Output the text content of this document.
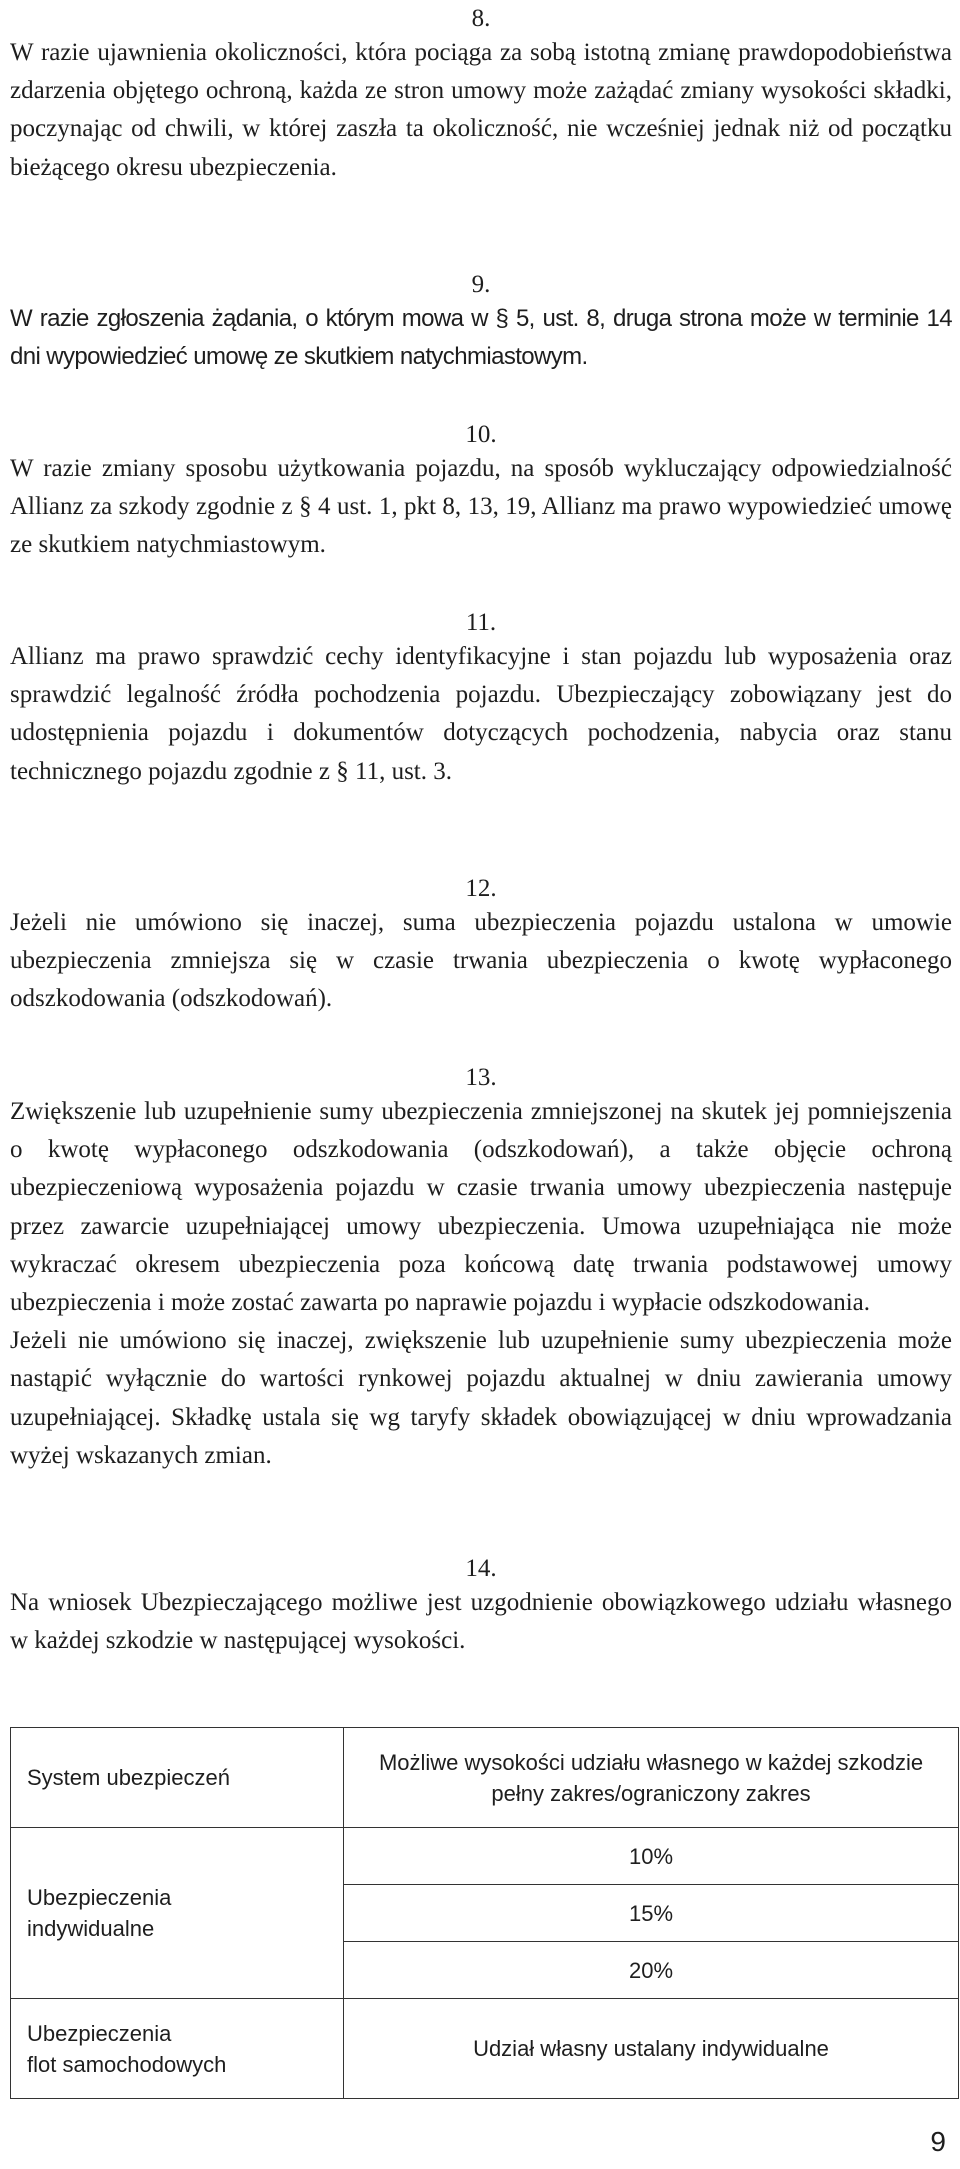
8.

W razie ujawnienia okoliczności, która pociąga za sobą istotną zmianę prawdopodobieństwa zdarzenia objętego ochroną, każda ze stron umowy może zażądać zmiany wysokości składki, poczynając od chwili, w której zaszła ta okoliczność, nie wcześniej jednak niż od początku bieżącego okresu ubezpieczenia.

9.

W razie zgłoszenia żądania, o którym mowa w § 5, ust. 8, druga strona może w terminie 14 dni wypowiedzieć umowę ze skutkiem natychmiastowym.

10.

W razie zmiany sposobu użytkowania pojazdu, na sposób wykluczający odpowiedzialność Allianz za szkody zgodnie z § 4 ust. 1, pkt 8, 13, 19, Allianz ma prawo wypowiedzieć umowę ze skutkiem natychmiastowym.

11.

Allianz ma prawo sprawdzić cechy identyfikacyjne i stan pojazdu lub wyposażenia oraz sprawdzić legalność źródła pochodzenia pojazdu. Ubezpieczający zobowiązany jest do udostępnienia pojazdu i dokumentów dotyczących pochodzenia, nabycia oraz stanu technicznego pojazdu zgodnie z § 11, ust. 3.

12.

Jeżeli nie umówiono się inaczej, suma ubezpieczenia pojazdu ustalona w umowie ubezpieczenia zmniejsza się w czasie trwania ubezpieczenia o kwotę wypłaconego odszkodowania (odszkodowań).

13.

Zwiększenie lub uzupełnienie sumy ubezpieczenia zmniejszonej na skutek jej pomniejszenia o kwotę wypłaconego odszkodowania (odszkodowań), a także objęcie ochroną ubezpieczeniową wyposażenia pojazdu w czasie trwania umowy ubezpieczenia następuje przez zawarcie uzupełniającej umowy ubezpieczenia. Umowa uzupełniająca nie może wykraczać okresem ubezpieczenia poza końcową datę trwania podstawowej umowy ubezpieczenia i może zostać zawarta po naprawie pojazdu i wypłacie odszkodowania.

Jeżeli nie umówiono się inaczej, zwiększenie lub uzupełnienie sumy ubezpieczenia może nastąpić wyłącznie do wartości rynkowej pojazdu aktualnej w dniu zawierania umowy uzupełniającej. Składkę ustala się wg taryfy składek obowiązującej w dniu wprowadzania wyżej wskazanych zmian.

14.

Na wniosek Ubezpieczającego możliwe jest uzgodnienie obowiązkowego udziału własnego w każdej szkodzie w następującej wysokości.

System ubezpieczeń	Możliwe wysokości udziału własnego w każdej szkodzie
pełny zakres/ograniczony zakres

Ubezpieczenia
indywidualne	10%
	15%
	20%

Ubezpieczenia
flot samochodowych	Udział własny ustalany indywidualne
9
